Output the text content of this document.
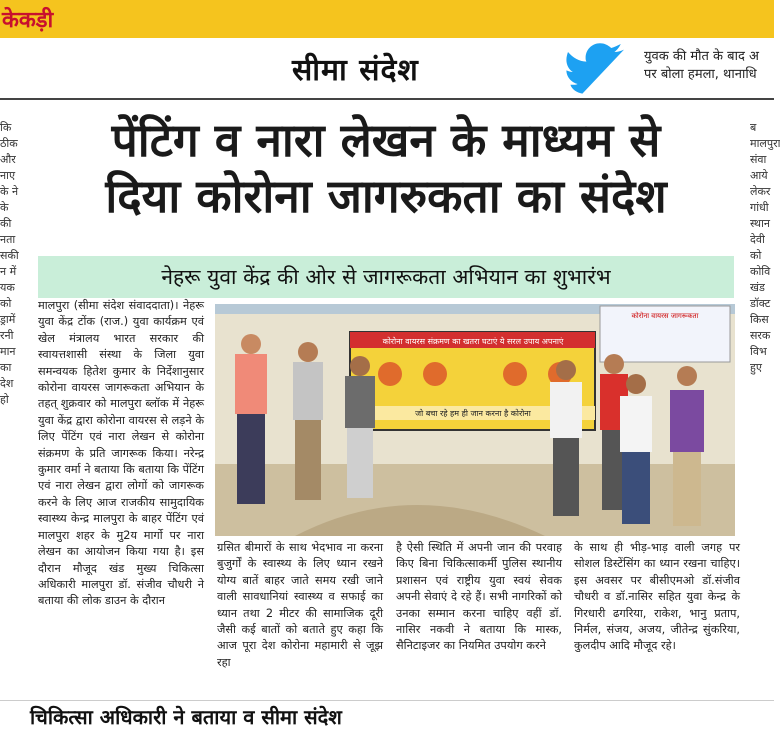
केकड़ी
सीमा संदेश	युवक की मौत के बाद अ
पर बोला हमला, थानाधि
कि ठीक और नाए के ने के की नता सकी न में यक को ड्रामें रनी मान का देश हो
ब मालपुरा संवा आये लेकर गांधी स्थान देवी को कोवि खंड डॉक्ट किस सरक विभ हुए
पेंटिंग व नारा लेखन के माध्यम से
दिया कोरोना जागरुकता का संदेश
नेहरू युवा केंद्र की ओर से जागरूकता अभियान का शुभारंभ
मालपुरा (सीमा संदेश संवाददाता)। नेहरू युवा केंद्र टोंक (राज.) युवा कार्यक्रम एवं खेल मंत्रालय भारत सरकार की स्वायत्तशासी संस्था के जिला युवा समन्वयक हितेश कुमार के निर्देशानुसार कोरोना वायरस जागरूकता अभियान के तहत् शुक्रवार को मालपुरा ब्लॉक में नेहरू युवा केंद्र द्वारा कोरोना वायरस से लड़ने के लिए पेंटिंग एवं नारा लेखन से कोरोना संक्रमण के प्रति जागरूक किया। नरेन्द्र कुमार वर्मा ने बताया कि बताया कि पेंटिंग एवं नारा लेखन द्वारा लोगों को जागरूक करने के लिए आज राजकीय सामुदायिक स्वास्थ्य केन्द्र मालपुरा के बाहर पेंटिंग एवं मालपुरा शहर के मु2य मार्गो पर नारा लेखन का आयोजन किया गया है। इस दौरान मौजूद खंड मुख्य चिकित्सा अधिकारी मालपुरा डॉ. संजीव चौधरी ने बताया की लोक डाउन के दौरान
कोरोना वायरस संक्रमण का खतरा घटाएं ये सरल उपाय अपनाएं
जो बचा रहे हम ही जान करना है कोरोना
कोरोना वायरस जागरूकता
ग्रसित बीमारों के साथ भेदभाव ना करना बुजुर्गों के स्वास्थ्य के लिए ध्यान रखने योग्य बातें बाहर जाते समय रखी जाने वाली सावधानियां स्वास्थ्य व सफाई का ध्यान तथा 2 मीटर की सामाजिक दूरी जैसी कई बातों को बताते हुए कहा कि आज पूरा देश कोरोना महामारी से जूझ रहा
है ऐसी स्थिति में अपनी जान की परवाह किए बिना चिकित्साकर्मी पुलिस स्थानीय प्रशासन एवं राष्ट्रीय युवा स्वयं सेवक अपनी सेवाएं दे रहे हैं। सभी नागरिकों को उनका सम्मान करना चाहिए वहीं डॉ. नासिर नकवी ने बताया कि मास्क, सैनिटाइजर का नियमित उपयोग करने
के साथ ही भीड़-भाड़ वाली जगह पर सोशल डिस्टेंसिंग का ध्यान रखना चाहिए। इस अवसर पर बीसीएमओ डॉ.संजीव चौधरी व डॉ.नासिर सहित युवा केन्द्र के गिरधारी ढगरिया, राकेश, भानु प्रताप, निर्मल, संजय, अजय, जीतेन्द्र सुंकरिया, कुलदीप आदि मौजूद रहे।
चिकित्सा अधिकारी ने बताया व सीमा संदेश
